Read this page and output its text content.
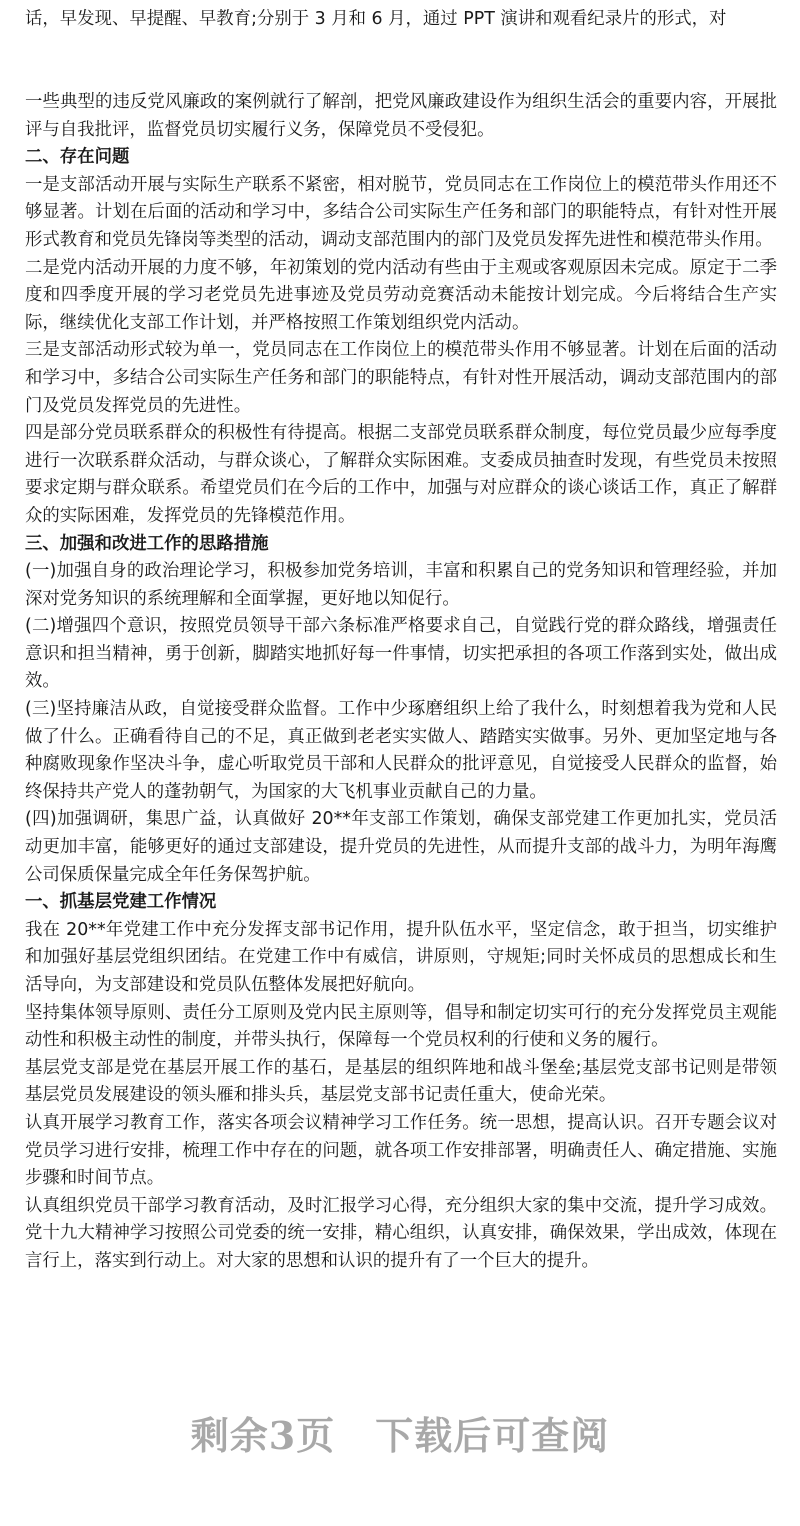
话，早发现、早提醒、早教育;分别于 3 月和 6 月，通过 PPT 演讲和观看纪录片的形式，对

一些典型的违反党风廉政的案例就行了解剖，把党风廉政建设作为组织生活会的重要内容，开展批评与自我批评，监督党员切实履行义务，保障党员不受侵犯。

二、存在问题

一是支部活动开展与实际生产联系不紧密，相对脱节，党员同志在工作岗位上的模范带头作用还不够显著。计划在后面的活动和学习中，多结合公司实际生产任务和部门的职能特点，有针对性开展形式教育和党员先锋岗等类型的活动，调动支部范围内的部门及党员发挥先进性和模范带头作用。

二是党内活动开展的力度不够，年初策划的党内活动有些由于主观或客观原因未完成。原定于二季度和四季度开展的学习老党员先进事迹及党员劳动竞赛活动未能按计划完成。今后将结合生产实际，继续优化支部工作计划，并严格按照工作策划组织党内活动。

三是支部活动形式较为单一，党员同志在工作岗位上的模范带头作用不够显著。计划在后面的活动和学习中，多结合公司实际生产任务和部门的职能特点，有针对性开展活动，调动支部范围内的部门及党员发挥党员的先进性。

四是部分党员联系群众的积极性有待提高。根据二支部党员联系群众制度，每位党员最少应每季度进行一次联系群众活动，与群众谈心，了解群众实际困难。支委成员抽查时发现，有些党员未按照要求定期与群众联系。希望党员们在今后的工作中，加强与对应群众的谈心谈话工作，真正了解群众的实际困难，发挥党员的先锋模范作用。

三、加强和改进工作的思路措施

(一)加强自身的政治理论学习，积极参加党务培训，丰富和积累自己的党务知识和管理经验，并加深对党务知识的系统理解和全面掌握，更好地以知促行。

(二)增强四个意识，按照党员领导干部六条标准严格要求自己，自觉践行党的群众路线，增强责任意识和担当精神，勇于创新，脚踏实地抓好每一件事情，切实把承担的各项工作落到实处，做出成效。

(三)坚持廉洁从政，自觉接受群众监督。工作中少琢磨组织上给了我什么，时刻想着我为党和人民做了什么。正确看待自己的不足，真正做到老老实实做人、踏踏实实做事。另外、更加坚定地与各种腐败现象作坚决斗争，虚心听取党员干部和人民群众的批评意见，自觉接受人民群众的监督，始终保持共产党人的蓬勃朝气，为国家的大飞机事业贡献自己的力量。

(四)加强调研，集思广益，认真做好 20**年支部工作策划，确保支部党建工作更加扎实，党员活动更加丰富，能够更好的通过支部建设，提升党员的先进性，从而提升支部的战斗力，为明年海鹰公司保质保量完成全年任务保驾护航。

一、抓基层党建工作情况

我在 20**年党建工作中充分发挥支部书记作用，提升队伍水平，坚定信念，敢于担当，切实维护和加强好基层党组织团结。在党建工作中有威信，讲原则，守规矩;同时关怀成员的思想成长和生活导向，为支部建设和党员队伍整体发展把好航向。

坚持集体领导原则、责任分工原则及党内民主原则等，倡导和制定切实可行的充分发挥党员主观能动性和积极主动性的制度，并带头执行，保障每一个党员权利的行使和义务的履行。

基层党支部是党在基层开展工作的基石，是基层的组织阵地和战斗堡垒;基层党支部书记则是带领基层党员发展建设的领头雁和排头兵，基层党支部书记责任重大，使命光荣。

认真开展学习教育工作，落实各项会议精神学习工作任务。统一思想，提高认识。召开专题会议对党员学习进行安排，梳理工作中存在的问题，就各项工作安排部署，明确责任人、确定措施、实施步骤和时间节点。

认真组织党员干部学习教育活动，及时汇报学习心得，充分组织大家的集中交流，提升学习成效。党十九大精神学习按照公司党委的统一安排，精心组织，认真安排，确保效果，学出成效，体现在言行上，落实到行动上。对大家的思想和认识的提升有了一个巨大的提升。

剩余3页 下载后可查阅
